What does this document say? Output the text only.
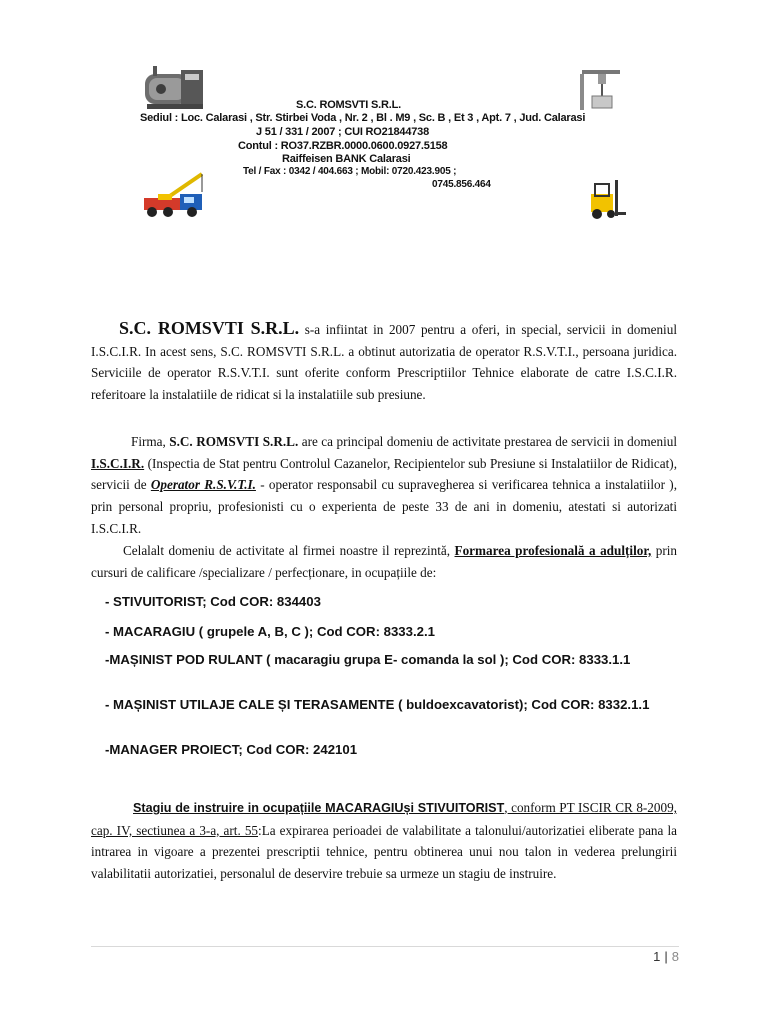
S.C. ROMSVTI S.R.L.
Sediul : Loc. Calarasi , Str. Stirbei Voda , Nr. 2 , Bl . M9 , Sc. B , Et 3 , Apt. 7 , Jud. Calarasi
J 51 / 331 / 2007 ; CUI RO21844738
Contul : RO37.RZBR.0000.0600.0927.5158
Raiffeisen BANK Calarasi
Tel / Fax : 0342 / 404.663 ; Mobil: 0720.423.905 ;
0745.856.464
S.C. ROMSVTI S.R.L. s-a infiintat in 2007 pentru a oferi, in special, servicii in domeniul I.S.C.I.R. In acest sens, S.C. ROMSVTI S.R.L. a obtinut autorizatia de operator R.S.V.T.I., persoana juridica. Serviciile de operator R.S.V.T.I. sunt oferite conform Prescriptiilor Tehnice elaborate de catre I.S.C.I.R. referitoare la instalatiile de ridicat si la instalatiile sub presiune.
Firma, S.C. ROMSVTI S.R.L. are ca principal domeniu de activitate prestarea de servicii in domeniul I.S.C.I.R. (Inspectia de Stat pentru Controlul Cazanelor, Recipientelor sub Presiune si Instalatiilor de Ridicat), servicii de Operator R.S.V.T.I. - operator responsabil cu supravegherea si verificarea tehnica a instalatiilor ), prin personal propriu, profesionisti cu o experienta de peste 33 de ani in domeniu, atestati si autorizati I.S.C.I.R.
Celalalt domeniu de activitate al firmei noastre il reprezintă, Formarea profesională a adulților, prin cursuri de calificare /specializare / perfecționare, in ocupațiile de:
- STIVUITORIST; Cod COR: 834403
- MACARAGIU ( grupele A, B, C ); Cod COR: 8333.2.1
-MAȘINIST POD RULANT ( macaragiu grupa E- comanda la sol ); Cod COR: 8333.1.1
- MAȘINIST UTILAJE CALE ȘI TERASAMENTE ( buldoexcavatorist); Cod COR: 8332.1.1
-MANAGER PROIECT; Cod COR: 242101
Stagiu de instruire in ocupațiile MACARAGIUși STIVUITORIST, conform PT ISCIR CR 8-2009, cap. IV, sectiunea a 3-a, art. 55:La expirarea perioadei de valabilitate a talonului/autorizatiei eliberate pana la intrarea in vigoare a prezentei prescriptii tehnice, pentru obtinerea unui nou talon in vederea prelungirii valabilitatii autorizatiei, personalul de deservire trebuie sa urmeze un stagiu de instruire.
1 | 8
